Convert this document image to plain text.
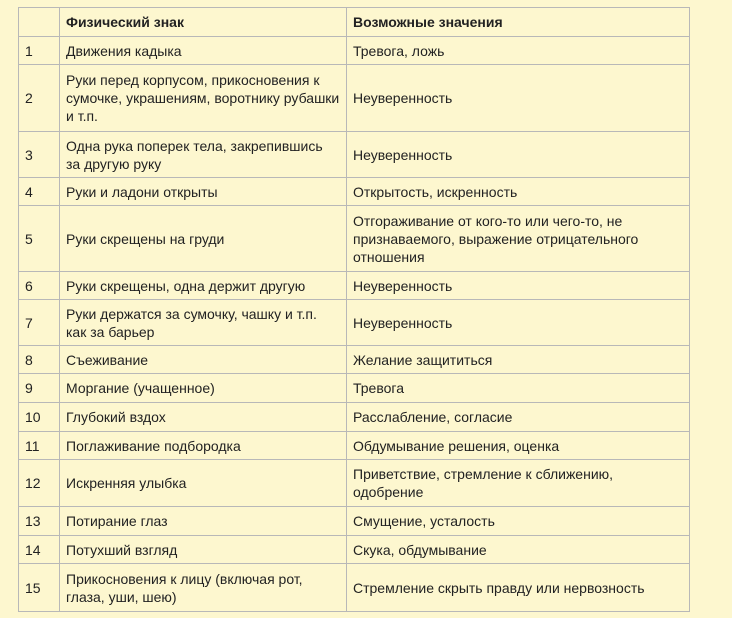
	Физический знак	Возможные значения
1	Движения кадыка	Тревога, ложь
2	Руки перед корпусом, прикосновения к сумочке, украшениям, воротнику рубашки и т.п.	Неуверенность
3	Одна рука поперек тела, закрепившись за другую руку	Неуверенность
4	Руки и ладони открыты	Открытость, искренность
5	Руки скрещены на груди	Отгораживание от кого-то или чего-то, не признаваемого, выражение отрицательного отношения
6	Руки скрещены, одна держит другую	Неуверенность
7	Руки держатся за сумочку, чашку и т.п. как за барьер	Неуверенность
8	Съеживание	Желание защититься
9	Моргание (учащенное)	Тревога
10	Глубокий вздох	Расслабление, согласие
11	Поглаживание подбородка	Обдумывание решения, оценка
12	Искренняя улыбка	Приветствие, стремление к сближению, одобрение
13	Потирание глаз	Смущение, усталость
14	Потухший взгляд	Скука, обдумывание
15	Прикосновения к лицу (включая рот, глаза, уши, шею)	Стремление скрыть правду или нервозность
